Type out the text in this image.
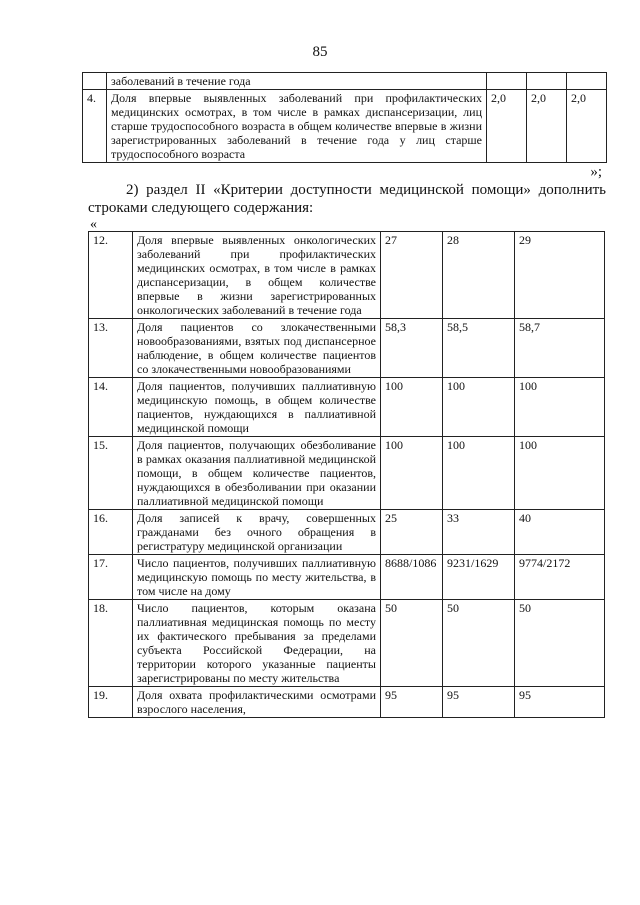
85
	заболеваний в течение года			
4.	Доля впервые выявленных заболеваний при профилактических медицинских осмотрах, в том числе в рамках диспансеризации, лиц старше трудоспособного возраста в общем количестве впервые в жизни зарегистрированных заболеваний в течение года у лиц старше трудоспособного возраста	2,0	2,0	2,0
»;
2) раздел II «Критерии доступности медицинской помощи» дополнить строками следующего содержания:
«
12.	Доля впервые выявленных онкологических заболеваний при профилактических медицинских осмотрах, в том числе в рамках диспансеризации, в общем количестве впервые в жизни зарегистрированных онкологических заболеваний в течение года	27	28	29
13.	Доля пациентов со злокачественными новообразованиями, взятых под диспансерное наблюдение, в общем количестве пациентов со злокачественными новообразованиями	58,3	58,5	58,7
14.	Доля пациентов, получивших паллиативную медицинскую помощь, в общем количестве пациентов, нуждающихся в паллиативной медицинской помощи	100	100	100
15.	Доля пациентов, получающих обезболивание в рамках оказания паллиативной медицинской помощи, в общем количестве пациентов, нуждающихся в обезболивании при оказании паллиативной медицинской помощи	100	100	100
16.	Доля записей к врачу, совершенных гражданами без очного обращения в регистратуру медицинской организации	25	33	40
17.	Число пациентов, получивших паллиативную медицинскую помощь по месту жительства, в том числе на дому	8688/1086	9231/1629	9774/2172
18.	Число пациентов, которым оказана паллиативная медицинская помощь по месту их фактического пребывания за пределами субъекта Российской Федерации, на территории которого указанные пациенты зарегистрированы по месту жительства	50	50	50
19.	Доля охвата профилактическими осмотрами взрослого населения,	95	95	95
